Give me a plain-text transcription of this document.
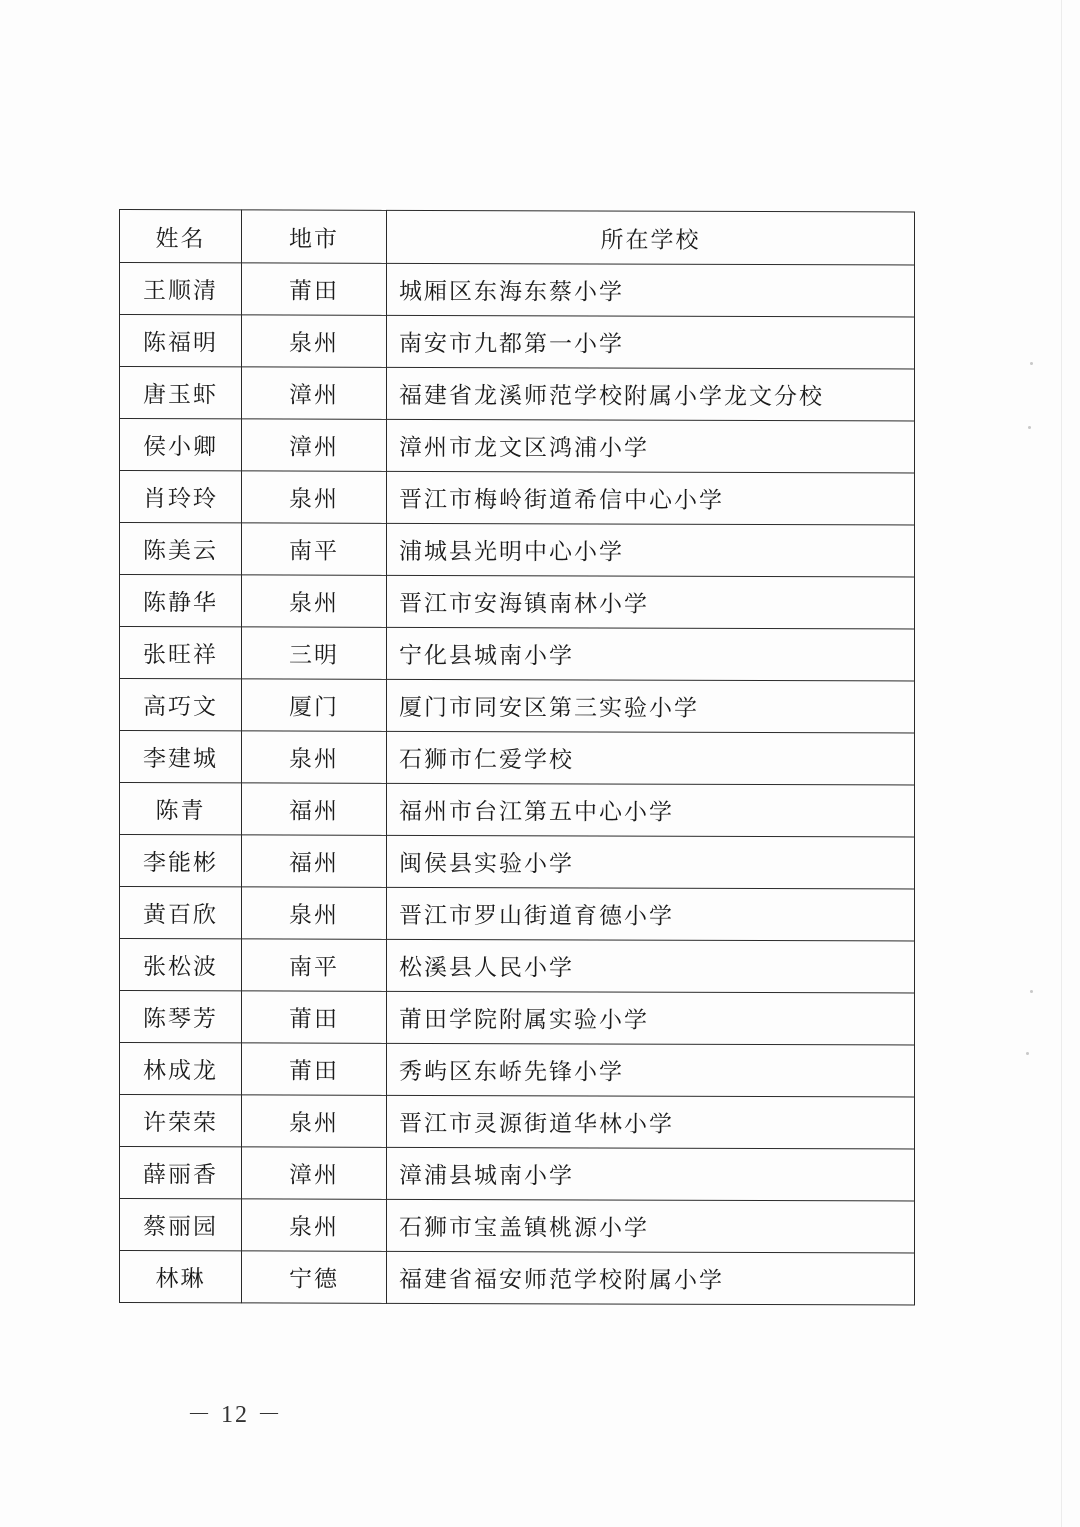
姓名	地市	所在学校
王顺清	莆田	城厢区东海东蔡小学
陈福明	泉州	南安市九都第一小学
唐玉虾	漳州	福建省龙溪师范学校附属小学龙文分校
侯小卿	漳州	漳州市龙文区鸿浦小学
肖玲玲	泉州	晋江市梅岭街道希信中心小学
陈美云	南平	浦城县光明中心小学
陈静华	泉州	晋江市安海镇南林小学
张旺祥	三明	宁化县城南小学
高巧文	厦门	厦门市同安区第三实验小学
李建城	泉州	石狮市仁爱学校
陈青	福州	福州市台江第五中心小学
李能彬	福州	闽侯县实验小学
黄百欣	泉州	晋江市罗山街道育德小学
张松波	南平	松溪县人民小学
陈琴芳	莆田	莆田学院附属实验小学
林成龙	莆田	秀屿区东峤先锋小学
许荣荣	泉州	晋江市灵源街道华林小学
薛丽香	漳州	漳浦县城南小学
蔡丽园	泉州	石狮市宝盖镇桃源小学
林琳	宁德	福建省福安师范学校附属小学
－ 12 －
